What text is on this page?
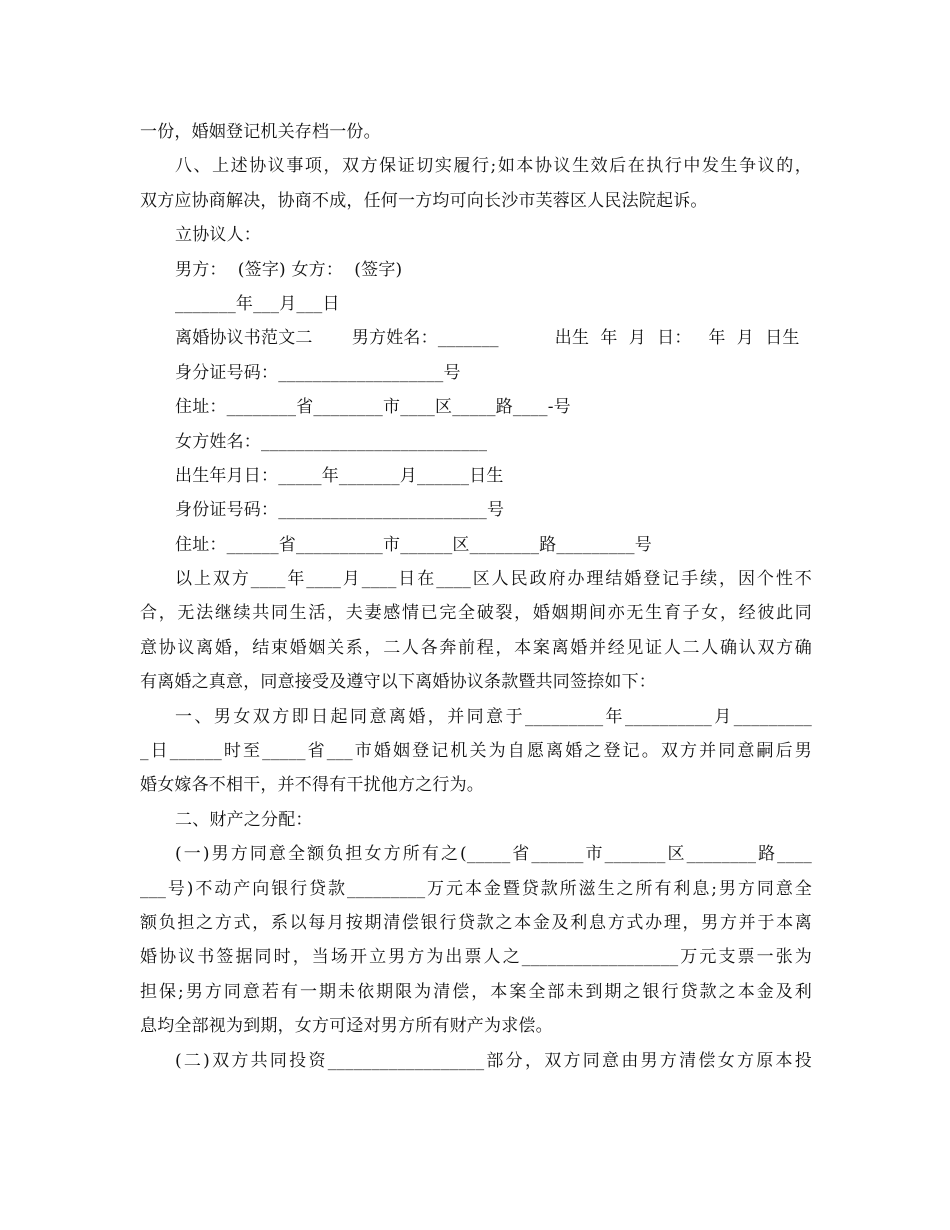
一份，婚姻登记机关存档一份。
八、上述协议事项，双方保证切实履行;如本协议生效后在执行中发生争议的，
双方应协商解决，协商不成，任何一方均可向长沙市芙蓉区人民法院起诉。
立协议人：
男方：  (签字) 女方：  (签字)
_______年___月___日
离婚协议书范文二       男方姓名：_______          出生  年  月  日：   年  月  日生
身分证号码：___________________号
住址：________省________市____区_____路____-号
女方姓名：__________________________
出生年月日：_____年_______月______日生
身份证号码：________________________号
住址：______省__________市______区________路_________号
以上双方____年____月____日在____区人民政府办理结婚登记手续，因个性不
合，无法继续共同生活，夫妻感情已完全破裂，婚姻期间亦无生育子女，经彼此同
意协议离婚，结束婚姻关系，二人各奔前程，本案离婚并经见证人二人确认双方确
有离婚之真意，同意接受及遵守以下离婚协议条款暨共同签捺如下：
一、男女双方即日起同意离婚，并同意于_________年__________月_________
_日______时至_____省___市婚姻登记机关为自愿离婚之登记。双方并同意嗣后男
婚女嫁各不相干，并不得有干扰他方之行为。
二、财产之分配：
(一)男方同意全额负担女方所有之(_____省______市_______区________路____
___号)不动产向银行贷款_________万元本金暨贷款所滋生之所有利息;男方同意全
额负担之方式，系以每月按期清偿银行贷款之本金及利息方式办理，男方并于本离
婚协议书签据同时，当场开立男方为出票人之__________________万元支票一张为
担保;男方同意若有一期未依期限为清偿，本案全部未到期之银行贷款之本金及利
息均全部视为到期，女方可迳对男方所有财产为求偿。
(二)双方共同投资__________________部分，双方同意由男方清偿女方原本投
